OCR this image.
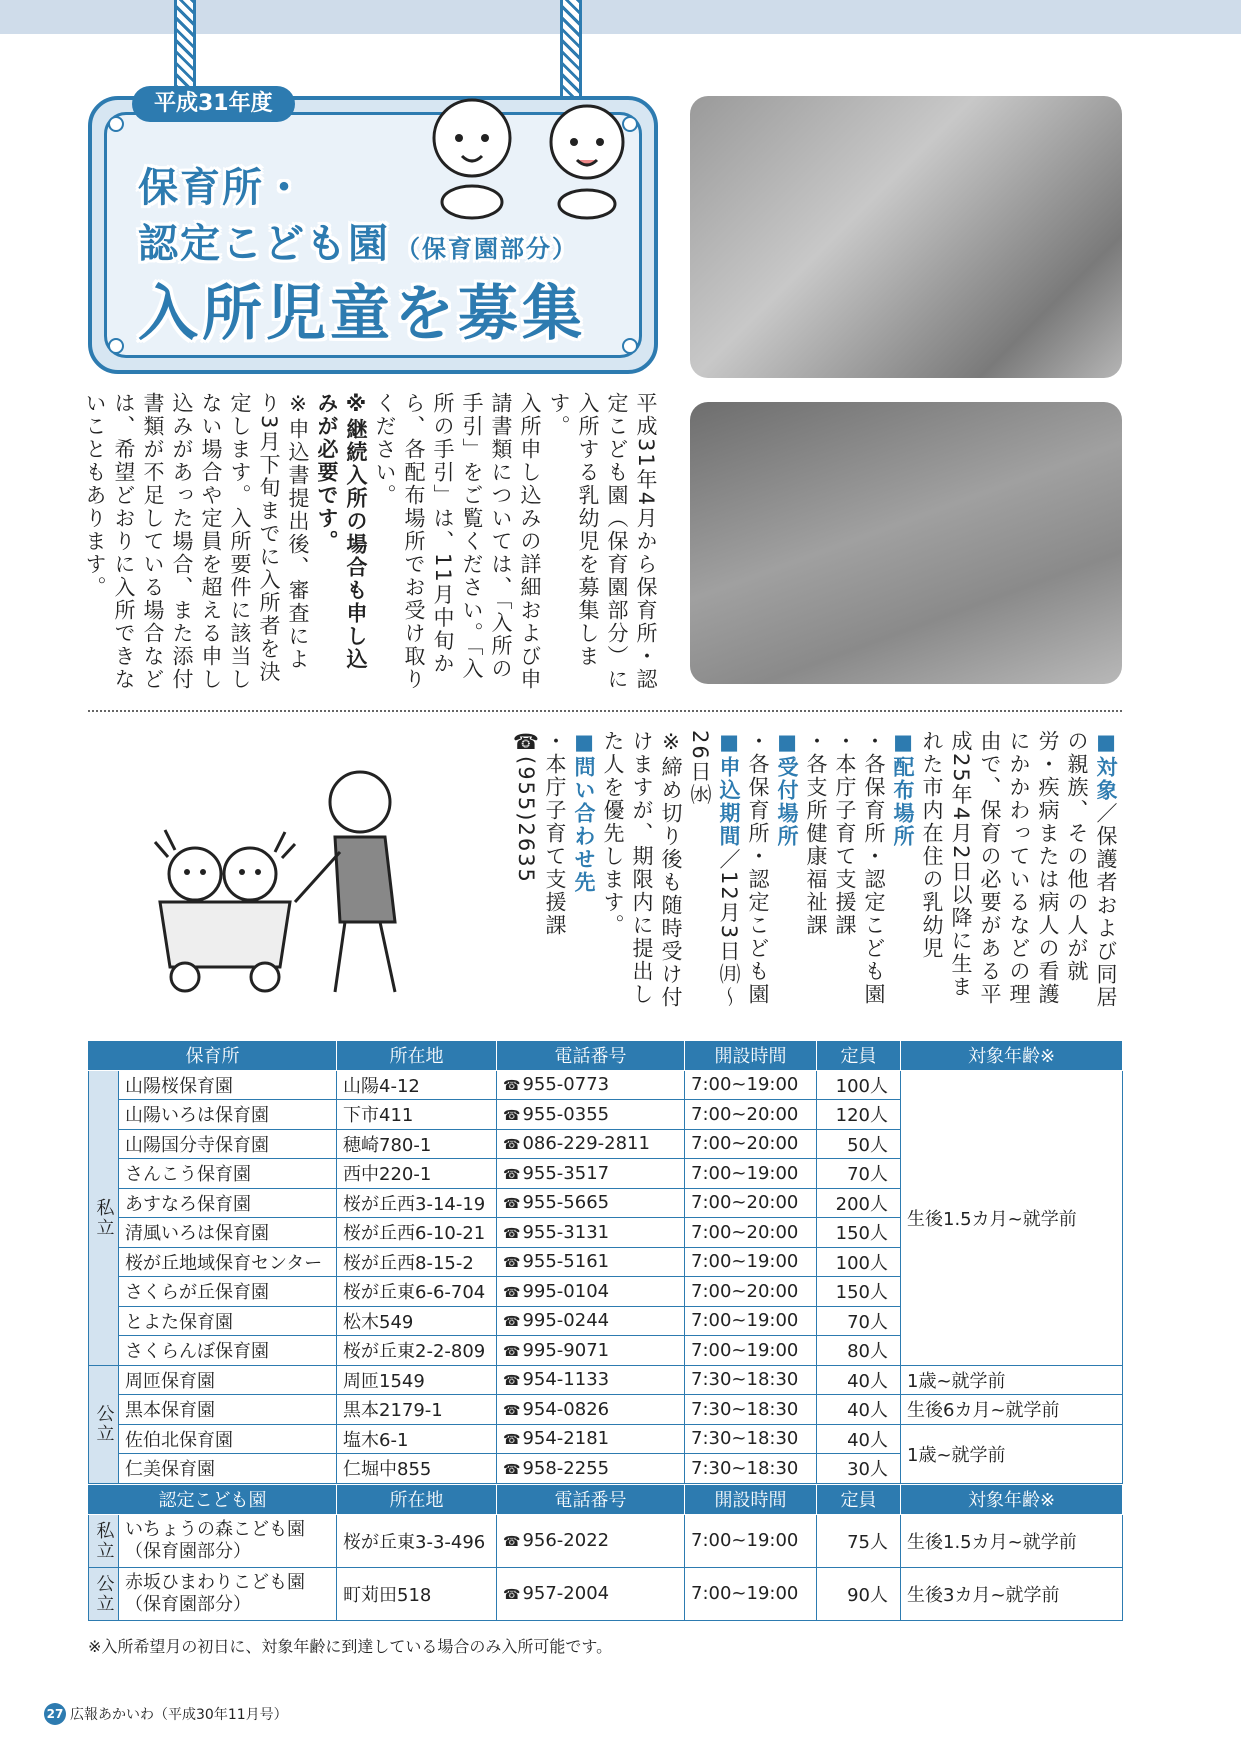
平成31年度
保育所・
認定こども園 （保育園部分）
入所児童を募集

平成31年4月から保育所・認定こども園（保育園部分）に入所する乳幼児を募集します。

入所申し込みの詳細および申請書類については、「入所の手引」をご覧ください。「入所の手引」は、11月中旬から、各配布場所でお受け取りください。

※継続入所の場合も申し込みが必要です。

※申込書提出後、審査により3月下旬までに入所者を決定します。入所要件に該当しない場合や定員を超える申し込みがあった場合、また添付書類が不足している場合などは、希望どおりに入所できないこともあります。

■対象／保護者および同居の親族、その他の人が就労・疾病または病人の看護にかかわっているなどの理由で、保育の必要がある平成25年4月2日以降に生まれた市内在住の乳幼児
■配布場所
・各保育所・認定こども園
・本庁子育て支援課
・各支所健康福祉課
■受付場所
・各保育所・認定こども園
■申込期間／12月3日㈪～26日㈬
※締め切り後も随時受け付けますが、期限内に提出した人を優先します。
■問い合わせ先
・本庁子育て支援課
☎(955)2635
保育所		所在地	電話番号	開設時間	定員	対象年齢※
私立	山陽桜保育園	山陽4-12	☎ 955-0773	7:00~19:00	100人	生後1.5カ月~就学前
	山陽いろは保育園	下市411	☎ 955-0355	7:00~20:00	120人	
	山陽国分寺保育園	穂崎780-1	☎ 086-229-2811	7:00~20:00	50人	
	さんこう保育園	西中220-1	☎ 955-3517	7:00~19:00	70人	
	あすなろ保育園	桜が丘西3-14-19	☎ 955-5665	7:00~20:00	200人	
	清風いろは保育園	桜が丘西6-10-21	☎ 955-3131	7:00~20:00	150人	
	桜が丘地域保育センター	桜が丘西8-15-2	☎ 955-5161	7:00~19:00	100人	
	さくらが丘保育園	桜が丘東6-6-704	☎ 995-0104	7:00~20:00	150人	
	とよた保育園	松木549	☎ 995-0244	7:00~19:00	70人	
	さくらんぼ保育園	桜が丘東2-2-809	☎ 995-9071	7:00~19:00	80人	
公立	周匝保育園	周匝1549	☎ 954-1133	7:30~18:30	40人	1歳~就学前
	黒本保育園	黒本2179-1	☎ 954-0826	7:30~18:30	40人	生後6カ月~就学前
	佐伯北保育園	塩木6-1	☎ 954-2181	7:30~18:30	40人	1歳~就学前
	仁美保育園	仁堀中855	☎ 958-2255	7:30~18:30	30人	
認定こども園		所在地	電話番号	開設時間	定員	対象年齢※
私立	いちょうの森こども園
（保育園部分）	桜が丘東3-3-496	☎ 956-2022	7:00~19:00	75人	生後1.5カ月~就学前
公立	赤坂ひまわりこども園
（保育園部分）	町苅田518	☎ 957-2004	7:00~19:00	90人	生後3カ月~就学前
※入所希望月の初日に、対象年齢に到達している場合のみ入所可能です。
27 広報あかいわ（平成30年11月号）
